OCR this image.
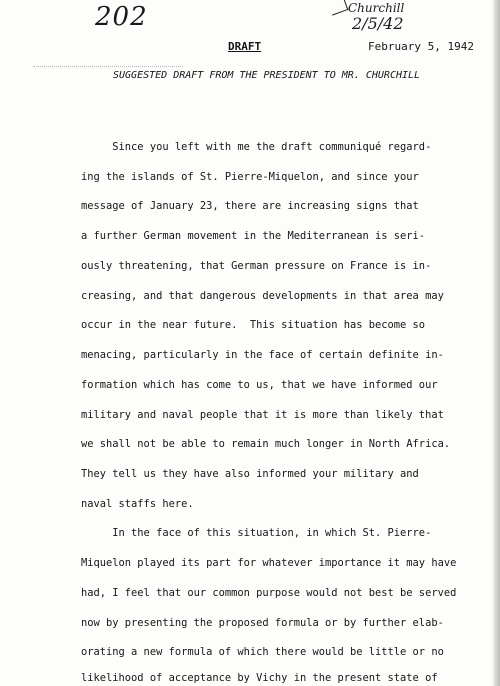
202	Churchill
2/5/42
DRAFT	February 5, 1942
SUGGESTED DRAFT FROM THE PRESIDENT TO MR. CHURCHILL
Since you left with me the draft communiqué regard-
ing the islands of St. Pierre-Miquelon, and since your
message of January 23, there are increasing signs that
a further German movement in the Mediterranean is seri-
ously threatening, that German pressure on France is in-
creasing, and that dangerous developments in that area may
occur in the near future.  This situation has become so
menacing, particularly in the face of certain definite in-
formation which has come to us, that we have informed our
military and naval people that it is more than likely that
we shall not be able to remain much longer in North Africa.
They tell us they have also informed your military and
naval staffs here.
In the face of this situation, in which St. Pierre-
Miquelon played its part for whatever importance it may have
had, I feel that our common purpose would not best be served
now by presenting the proposed formula or by further elab-
orating a new formula of which there would be little or no
likelihood of acceptance by Vichy in the present state of
